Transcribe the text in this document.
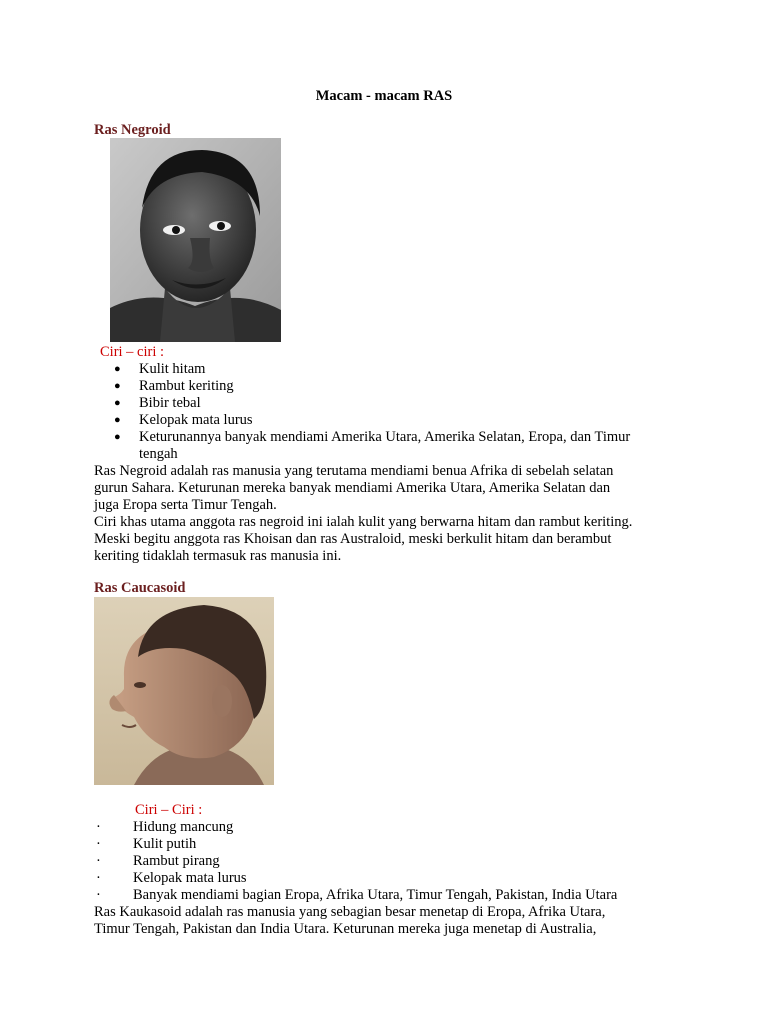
Macam - macam RAS
Ras Negroid
Ciri – ciri :
● Kulit hitam
● Rambut keriting
● Bibir tebal
● Kelopak mata lurus
● Keturunannya banyak mendiami Amerika Utara, Amerika Selatan, Eropa, dan Timur
tengah
Ras Negroid adalah ras manusia yang terutama mendiami benua Afrika di sebelah selatan
gurun Sahara. Keturunan mereka banyak mendiami Amerika Utara, Amerika Selatan dan
juga Eropa serta Timur Tengah.
Ciri khas utama anggota ras negroid ini ialah kulit yang berwarna hitam dan rambut keriting.
Meski begitu anggota ras Khoisan dan ras Australoid, meski berkulit hitam dan berambut
keriting tidaklah termasuk ras manusia ini.
Ras Caucasoid
Ciri – Ciri :
· Hidung mancung
· Kulit putih
· Rambut pirang
· Kelopak mata lurus
· Banyak mendiami bagian Eropa, Afrika Utara, Timur Tengah, Pakistan, India Utara
Ras Kaukasoid adalah ras manusia yang sebagian besar menetap di Eropa, Afrika Utara,
Timur Tengah, Pakistan dan India Utara. Keturunan mereka juga menetap di Australia,
